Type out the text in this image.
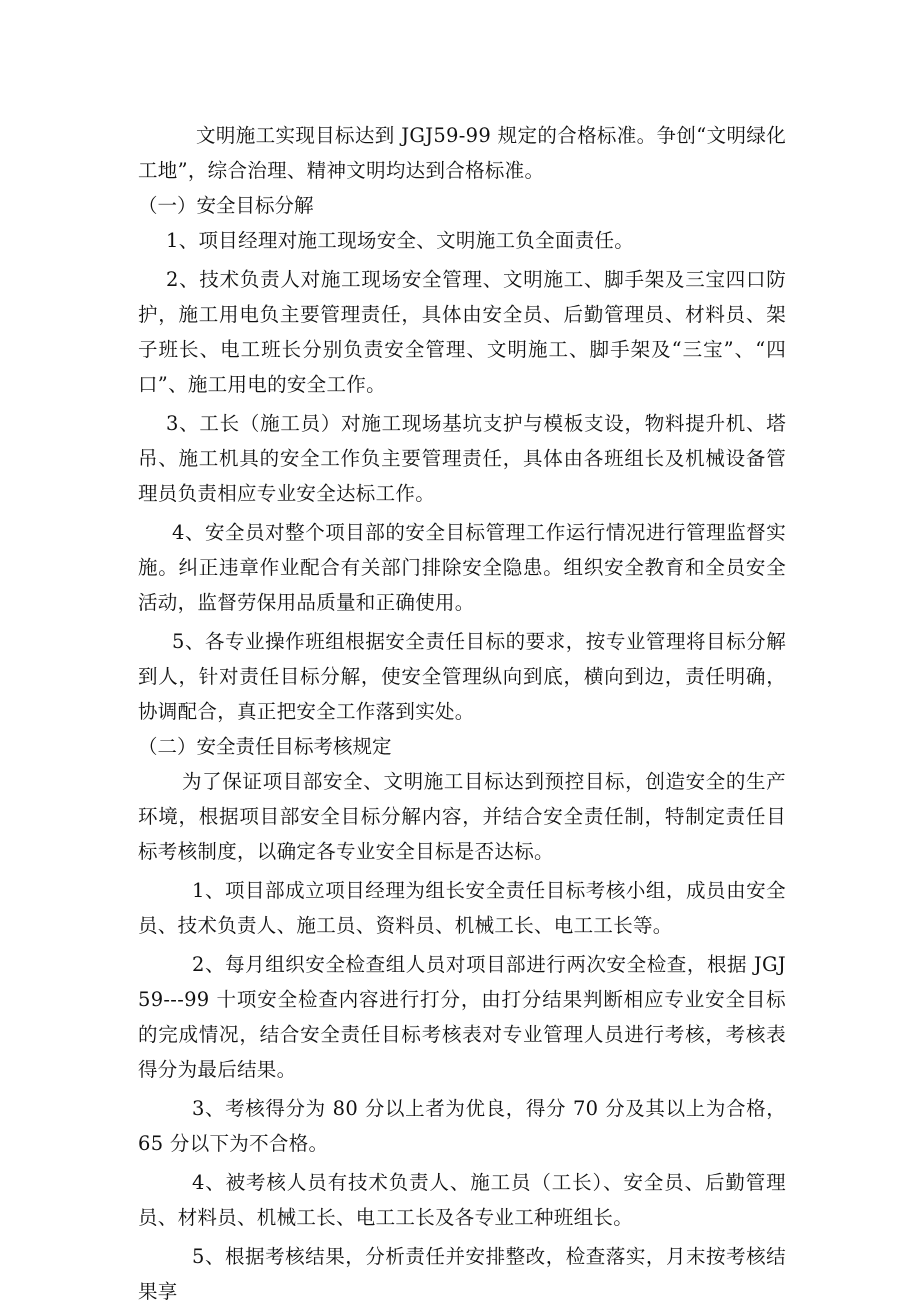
文明施工实现目标达到 JGJ59-99 规定的合格标准。争创“文明绿化工地”，综合治理、精神文明均达到合格标准。

（一）安全目标分解

1、项目经理对施工现场安全、文明施工负全面责任。

2、技术负责人对施工现场安全管理、文明施工、脚手架及三宝四口防护，施工用电负主要管理责任，具体由安全员、后勤管理员、材料员、架子班长、电工班长分别负责安全管理、文明施工、脚手架及“三宝”、“四口”、施工用电的安全工作。

3、工长（施工员）对施工现场基坑支护与模板支设，物料提升机、塔吊、施工机具的安全工作负主要管理责任，具体由各班组长及机械设备管理员负责相应专业安全达标工作。

4、安全员对整个项目部的安全目标管理工作运行情况进行管理监督实施。纠正违章作业配合有关部门排除安全隐患。组织安全教育和全员安全活动，监督劳保用品质量和正确使用。

5、各专业操作班组根据安全责任目标的要求，按专业管理将目标分解到人，针对责任目标分解，使安全管理纵向到底，横向到边，责任明确，协调配合，真正把安全工作落到实处。

（二）安全责任目标考核规定

为了保证项目部安全、文明施工目标达到预控目标，创造安全的生产环境，根据项目部安全目标分解内容，并结合安全责任制，特制定责任目标考核制度，以确定各专业安全目标是否达标。

1、项目部成立项目经理为组长安全责任目标考核小组，成员由安全员、技术负责人、施工员、资料员、机械工长、电工工长等。

2、每月组织安全检查组人员对项目部进行两次安全检查，根据 JGJ59---99 十项安全检查内容进行打分，由打分结果判断相应专业安全目标的完成情况，结合安全责任目标考核表对专业管理人员进行考核，考核表得分为最后结果。

3、考核得分为 80 分以上者为优良，得分 70 分及其以上为合格，65 分以下为不合格。

4、被考核人员有技术负责人、施工员（工长）、安全员、后勤管理员、材料员、机械工长、电工工长及各专业工种班组长。

5、根据考核结果，分析责任并安排整改，检查落实，月末按考核结果享
